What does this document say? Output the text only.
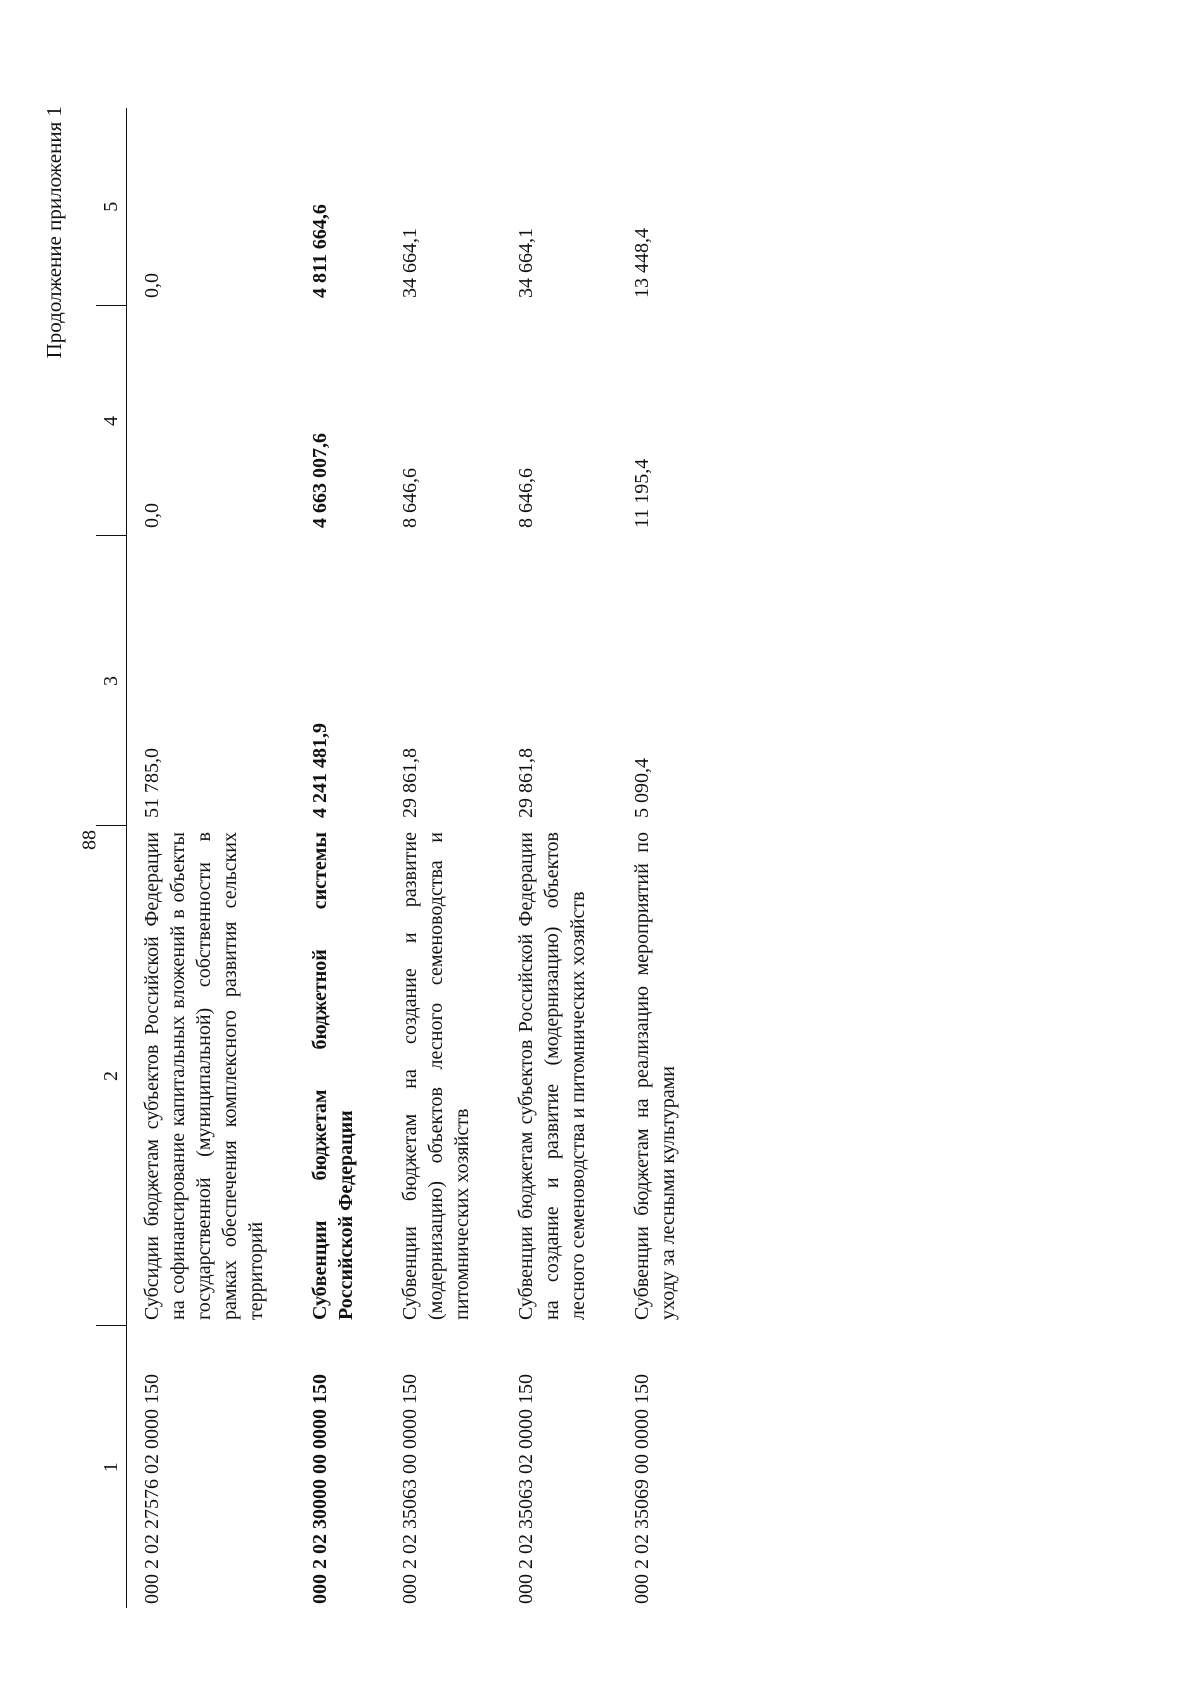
88
Продолжение приложения 1
1	2	3	4	5
000 2 02 27576 02 0000 150	Субсидии бюджетам субъектов Российской Федерации на софинансирование капитальных вложений в объекты государственной (муниципальной) собственности в рамках обеспечения комплексного развития сельских территорий	51 785,0	0,0	0,0
000 2 02 30000 00 0000 150	Субвенции бюджетам бюджетной системы Российской Федерации	4 241 481,9	4 663 007,6	4 811 664,6
000 2 02 35063 00 0000 150	Субвенции бюджетам на создание и развитие (модернизацию) объектов лесного семеноводства и питомнических хозяйств	29 861,8	8 646,6	34 664,1
000 2 02 35063 02 0000 150	Субвенции бюджетам субъектов Российской Федерации на создание и развитие (модернизацию) объектов лесного семеноводства и питомнических хозяйств	29 861,8	8 646,6	34 664,1
000 2 02 35069 00 0000 150	Субвенции бюджетам на реализацию мероприятий по уходу за лесными культурами	5 090,4	11 195,4	13 448,4
